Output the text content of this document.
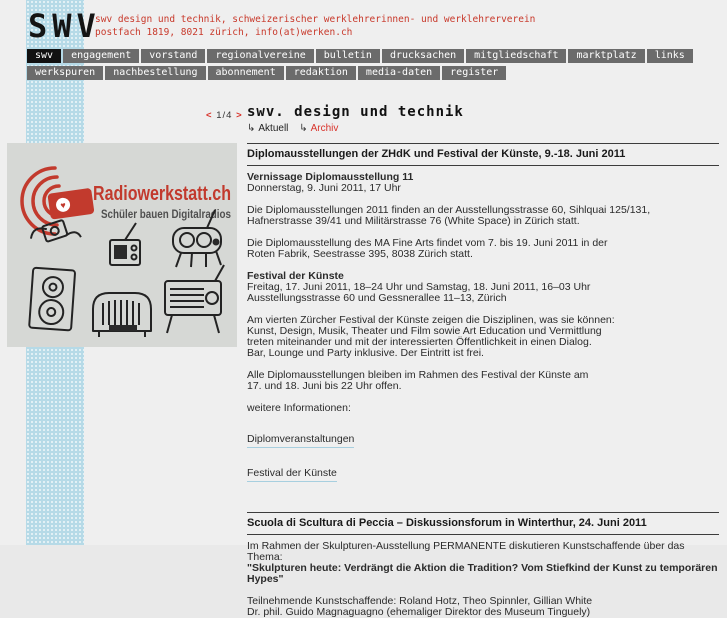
SWV
swv design und technik, schweizerischer werklehrerinnen- und werklehrerverein
postfach 1819, 8021 zürich, info(at)werken.ch
swv engagement vorstand regionalvereine bulletin drucksachen mitgliedschaft marktplatz links
werkspuren nachbestellung abonnement redaktion media-daten register
♥
Radiowerkstatt.ch
Schüler bauen Digitalradios
< 1/4 > swv. design und technik
↳ Aktuell ↳ Archiv
Diplomausstellungen der ZHdK und Festival der Künste, 9.-18. Juni 2011
Vernissage Diplomausstellung 11
Donnerstag, 9. Juni 2011, 17 Uhr
Die Diplomausstellungen 2011 finden an der Ausstellungsstrasse 60, Sihlquai 125/131,
Hafnerstrasse 39/41 und Militärstrasse 76 (White Space) in Zürich statt.
Die Diplomausstellung des MA Fine Arts findet vom 7. bis 19. Juni 2011 in der
Roten Fabrik, Seestrasse 395, 8038 Zürich statt.
Festival der Künste
Freitag, 17. Juni 2011, 18–24 Uhr und Samstag, 18. Juni 2011, 16–03 Uhr
Ausstellungsstrasse 60 und Gessnerallee 11–13, Zürich
Am vierten Zürcher Festival der Künste zeigen die Disziplinen, was sie können:
Kunst, Design, Musik, Theater und Film sowie Art Education und Vermittlung
treten miteinander und mit der interessierten Öffentlichkeit in einen Dialog.
Bar, Lounge und Party inklusive. Der Eintritt ist frei.
Alle Diplomausstellungen bleiben im Rahmen des Festival der Künste am
17. und 18. Juni bis 22 Uhr offen.
weitere Informationen:
Diplomveranstaltungen
Festival der Künste
Scuola di Scultura di Peccia – Diskussionsforum in Winterthur, 24. Juni 2011
Im Rahmen der Skulpturen-Ausstellung PERMANENTE diskutieren Kunstschaffende über das Thema:
"Skulpturen heute: Verdrängt die Aktion die Tradition? Vom Stiefkind der Kunst zu temporären Hypes"
Teilnehmende Kunstschaffende: Roland Hotz, Theo Spinnler, Gillian White
Dr. phil. Guido Magnaguagno (ehemaliger Direktor des Museum Tinguely)
